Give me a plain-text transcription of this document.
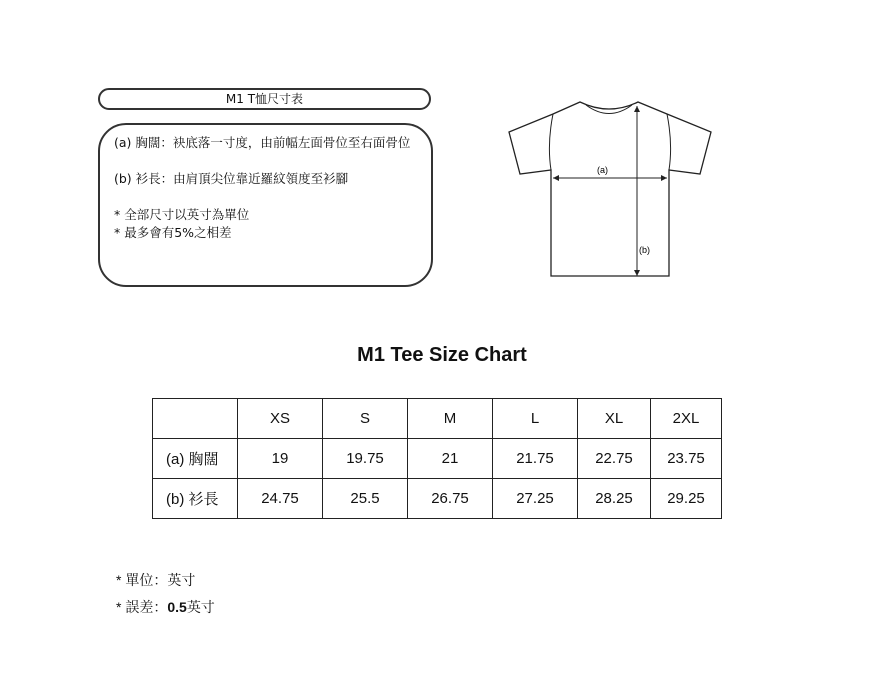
M1 T恤尺寸表
(a) 胸闊：袂底落一寸度，由前幅左面骨位至右面骨位
(b) 衫長：由肩頂尖位靠近羅紋領度至衫腳
* 全部尺寸以英寸為單位
* 最多會有5%之相差
(a)
(b)
M1 Tee Size Chart
	XS	S	M	L	XL	2XL
(a) 胸闊	19	19.75	21	21.75	22.75	23.75
(b) 衫長	24.75	25.5	26.75	27.25	28.25	29.25
* 單位：英寸
* 誤差：0.5英寸
